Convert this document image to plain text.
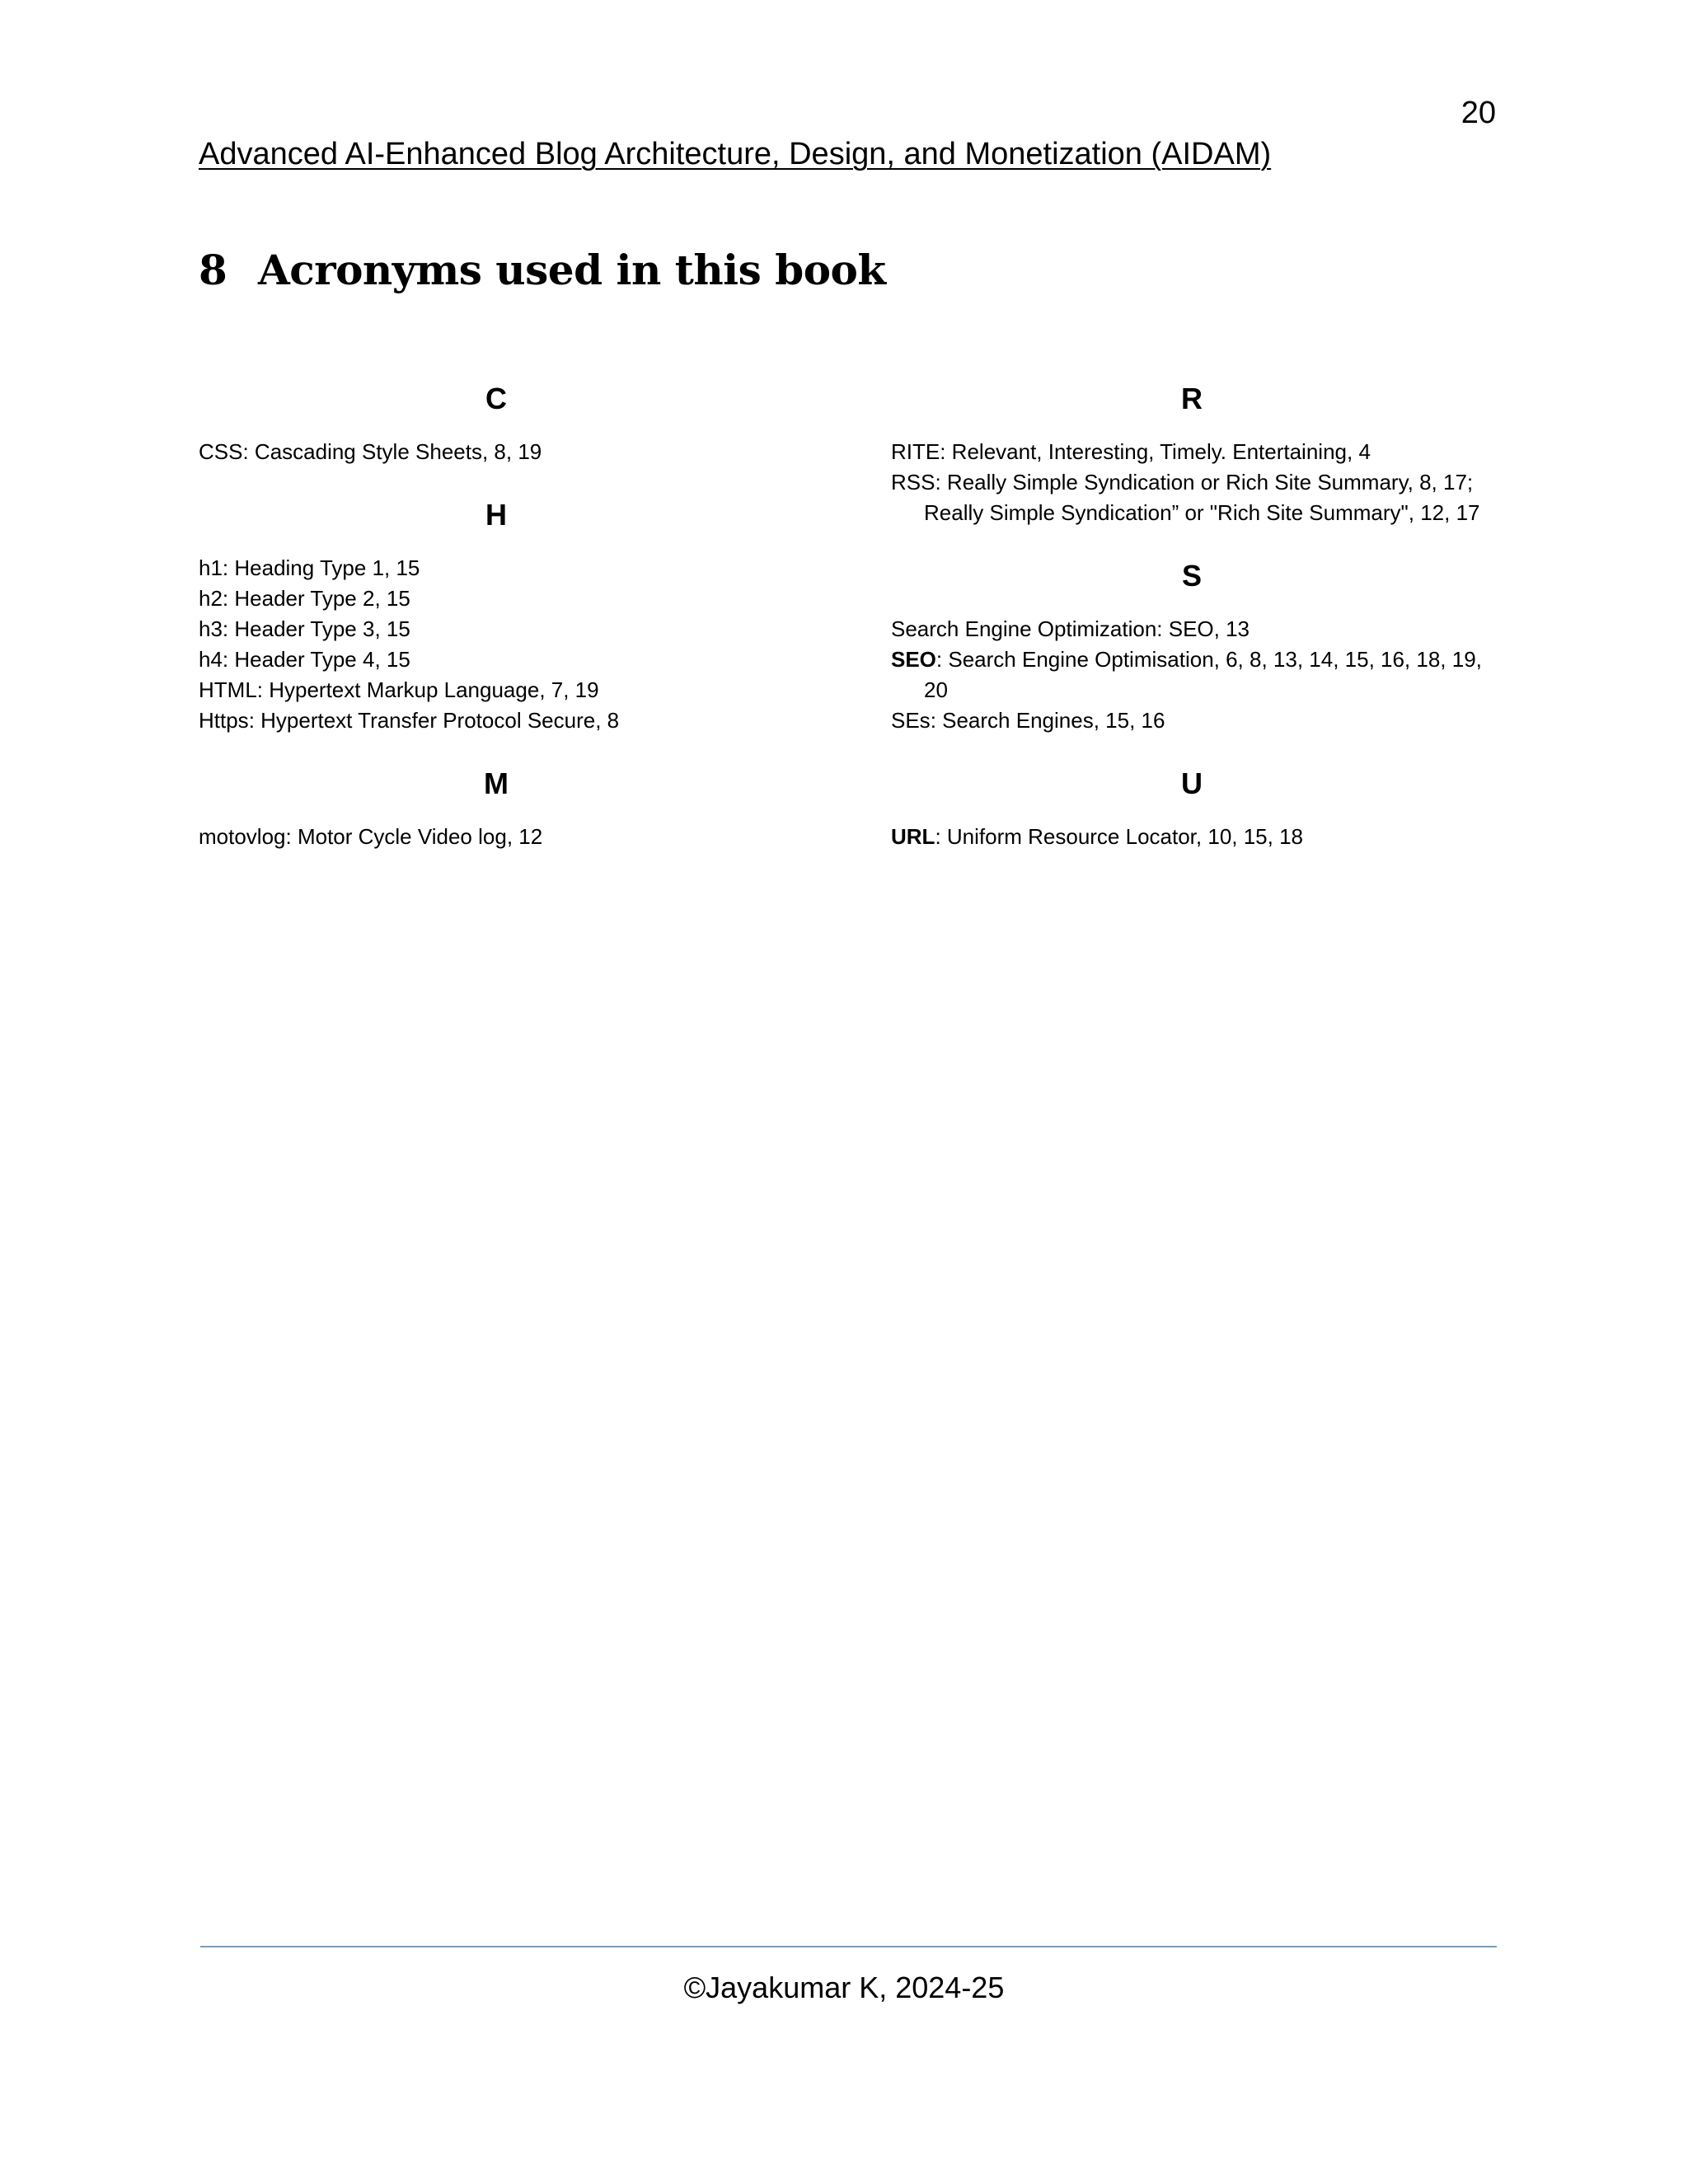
20
Advanced AI-Enhanced Blog Architecture, Design, and Monetization (AIDAM)
8 Acronyms used in this book
C
CSS: Cascading Style Sheets, 8, 19
H
h1: Heading Type 1, 15
h2: Header Type 2, 15
h3: Header Type 3, 15
h4: Header Type 4, 15
HTML: Hypertext Markup Language, 7, 19
Https: Hypertext Transfer Protocol Secure, 8
M
motovlog: Motor Cycle Video log, 12
R
RITE: Relevant, Interesting, Timely. Entertaining, 4
RSS: Really Simple Syndication or Rich Site Summary, 8, 17; Really Simple Syndication” or "Rich Site Summary", 12, 17
S
Search Engine Optimization: SEO, 13
SEO: Search Engine Optimisation, 6, 8, 13, 14, 15, 16, 18, 19, 20
SEs: Search Engines, 15, 16
U
URL: Uniform Resource Locator, 10, 15, 18
©Jayakumar K, 2024-25
